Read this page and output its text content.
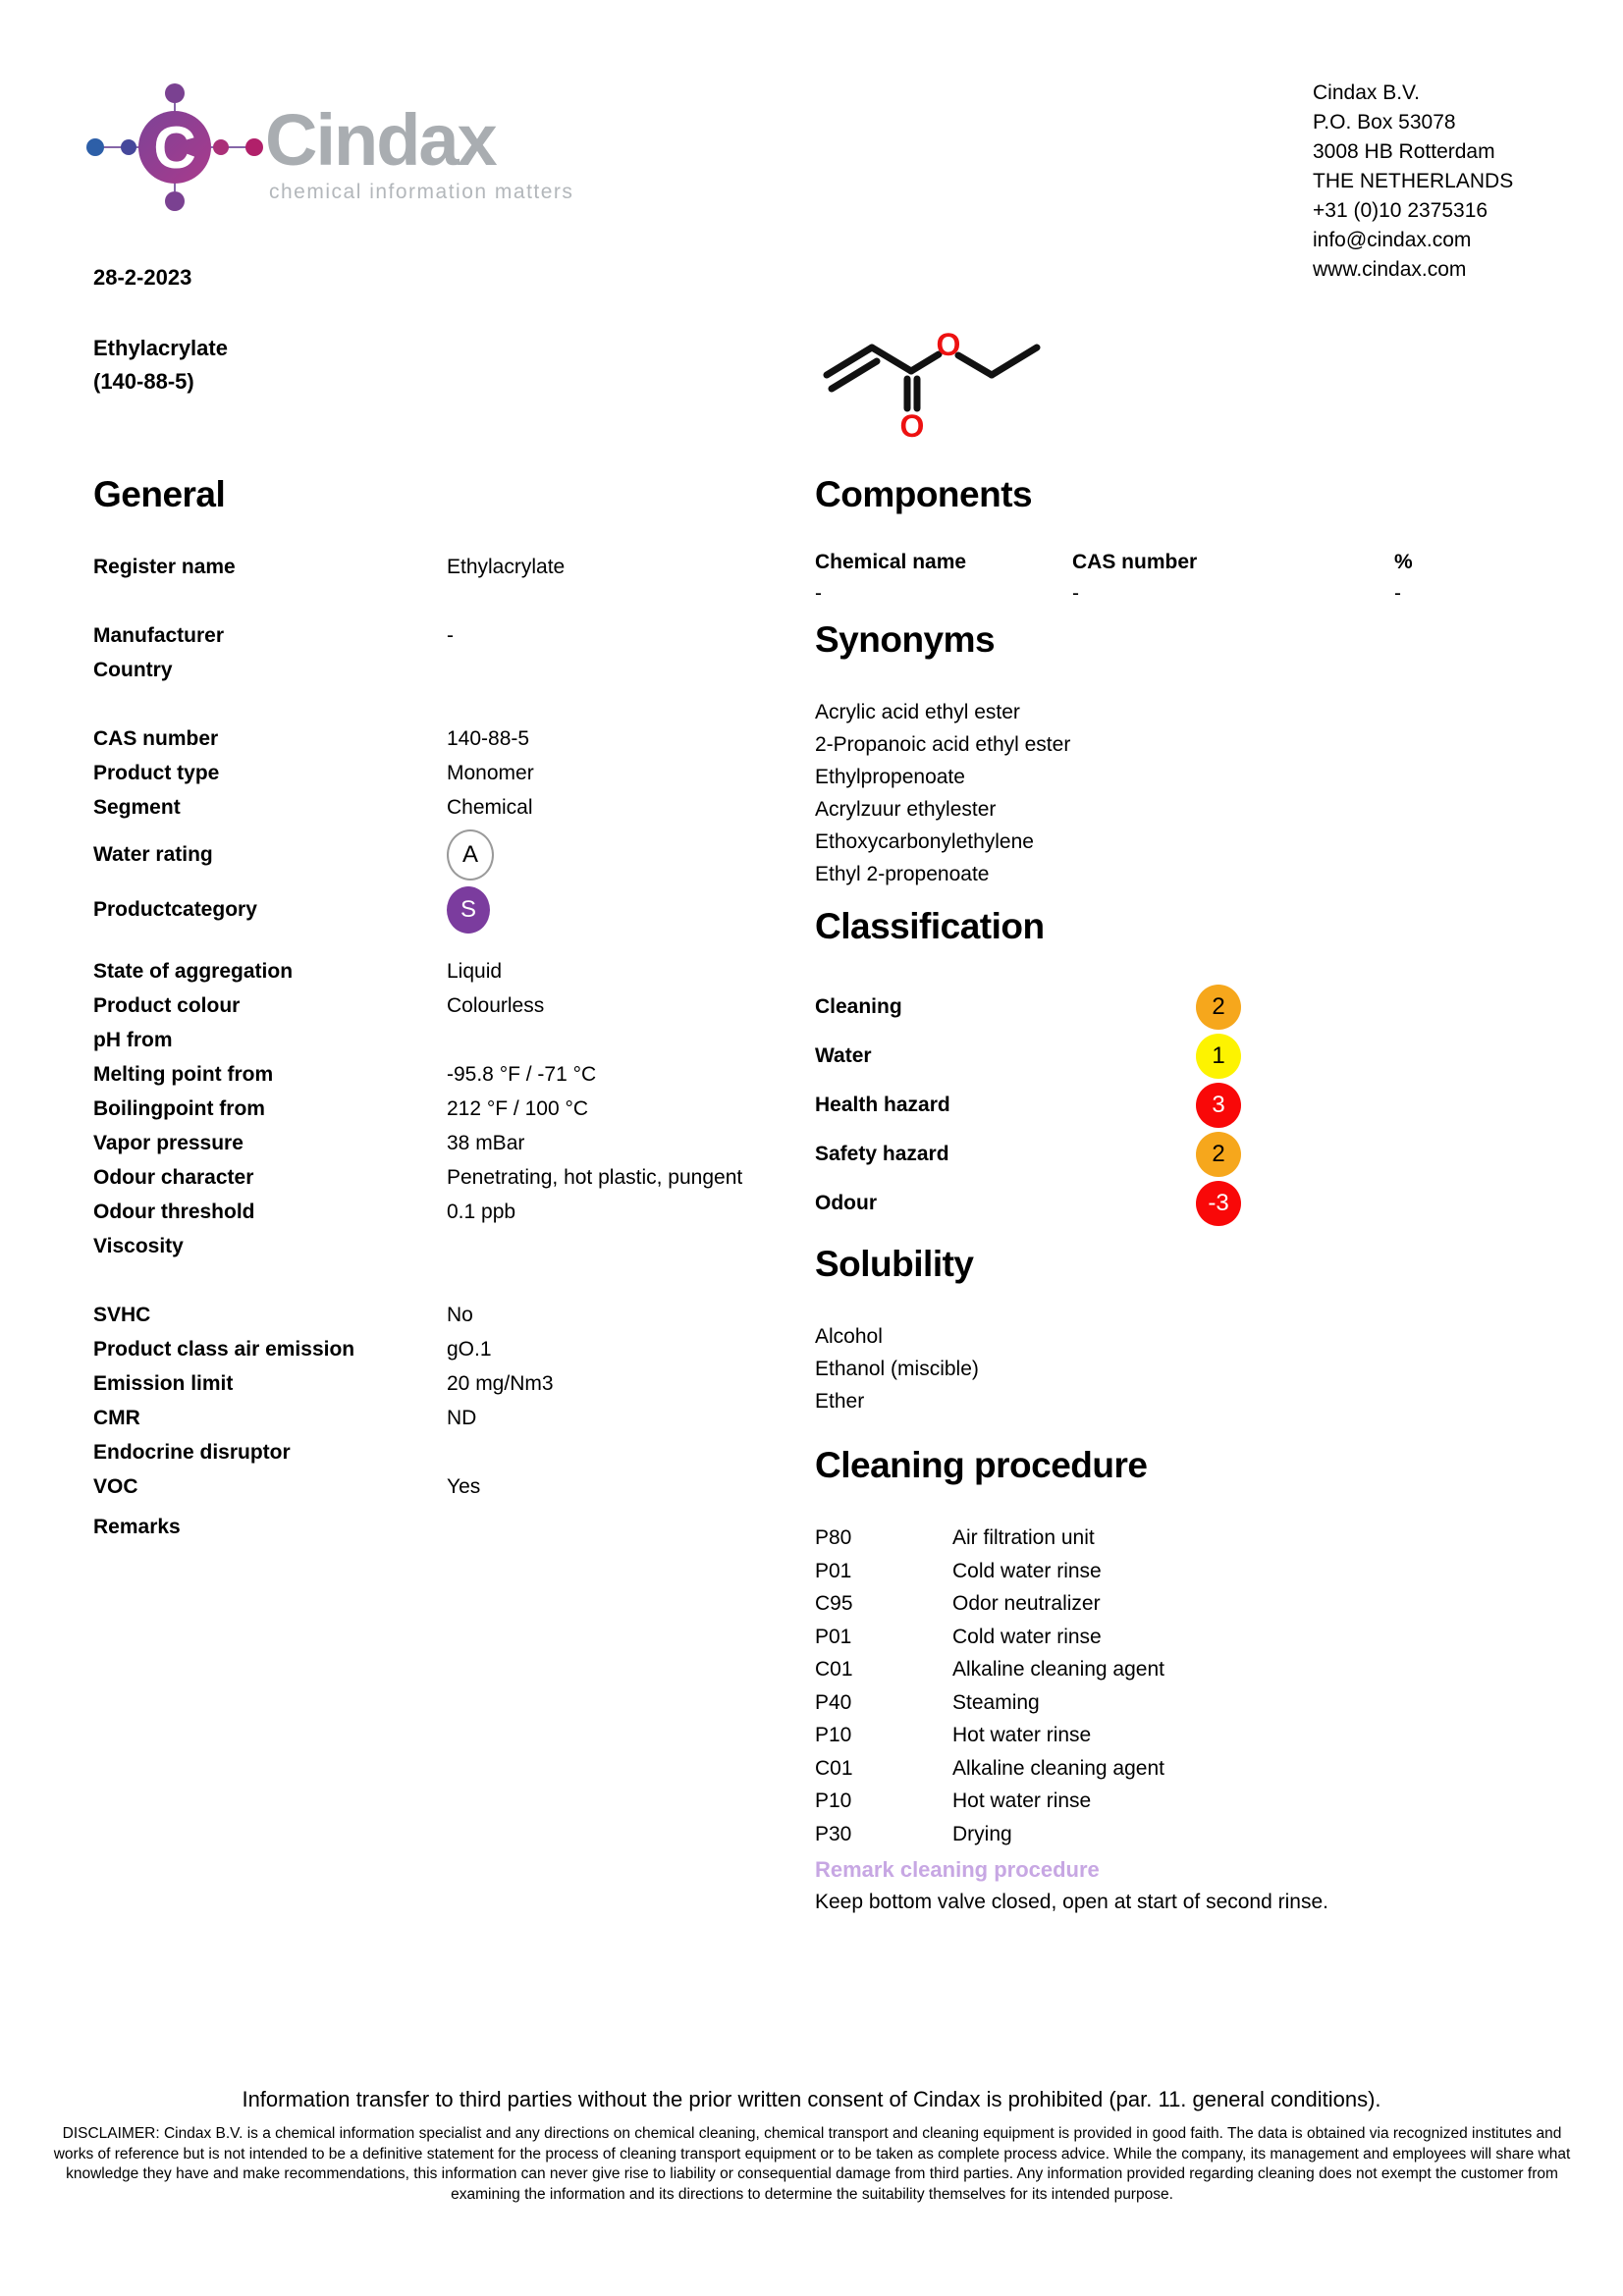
C Cindax
chemical information matters
Cindax B.V.
P.O. Box 53078
3008 HB Rotterdam
THE NETHERLANDS
+31 (0)10 2375316
info@cindax.com
www.cindax.com
28-2-2023
Ethylacrylate
(140-88-5)
O
O
General
Register name	Ethylacrylate
Manufacturer	-
Country
CAS number	140-88-5
Product type	Monomer
Segment	Chemical
Water rating	A
Productcategory	S
State of aggregation	Liquid
Product colour	Colourless
pH from
Melting point from	-95.8 °F / -71 °C
Boilingpoint from	212 °F / 100 °C
Vapor pressure	38 mBar
Odour character	Penetrating, hot plastic, pungent
Odour threshold	0.1 ppb
Viscosity
SVHC	No
Product class air emission	gO.1
Emission limit	20 mg/Nm3
CMR	ND
Endocrine disruptor
VOC	Yes
Remarks
Components
Chemical name	CAS number	%
-	-	-
Synonyms
Acrylic acid ethyl ester
2-Propanoic acid ethyl ester
Ethylpropenoate
Acrylzuur ethylester
Ethoxycarbonylethylene
Ethyl 2-propenoate
Classification
Cleaning	2
Water	1
Health hazard	3
Safety hazard	2
Odour	-3
Solubility
Alcohol
Ethanol (miscible)
Ether
Cleaning procedure
P80	Air filtration unit
P01	Cold water rinse
C95	Odor neutralizer
P01	Cold water rinse
C01	Alkaline cleaning agent
P40	Steaming
P10	Hot water rinse
C01	Alkaline cleaning agent
P10	Hot water rinse
P30	Drying
Remark cleaning procedure
Keep bottom valve closed, open at start of second rinse.
Information transfer to third parties without the prior written consent of Cindax is prohibited (par. 11. general conditions).
DISCLAIMER: Cindax B.V. is a chemical information specialist and any directions on chemical cleaning, chemical transport and cleaning equipment is provided in good faith. The data is obtained via recognized institutes and works of reference but is not intended to be a definitive statement for the process of cleaning transport equipment or to be taken as complete process advice. While the company, its management and employees will share what knowledge they have and make recommendations, this information can never give rise to liability or consequential damage from third parties. Any information provided regarding cleaning does not exempt the customer from examining the information and its directions to determine the suitability themselves for its intended purpose.
